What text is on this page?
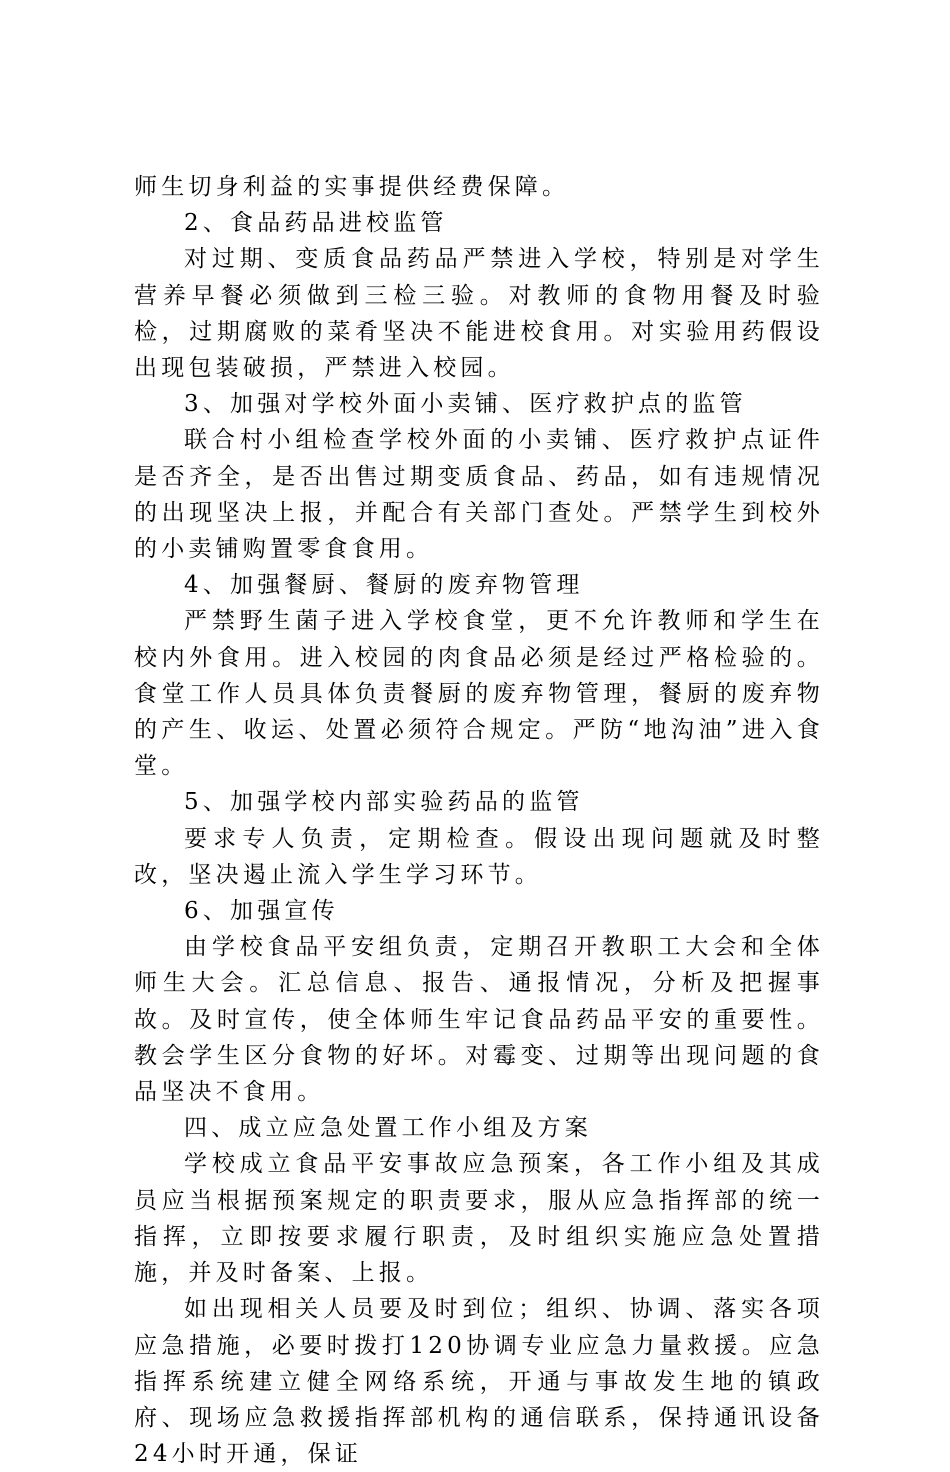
师生切身利益的实事提供经费保障。

2、食品药品进校监管

对过期、变质食品药品严禁进入学校，特别是对学生营养早餐必须做到三检三验。对教师的食物用餐及时验检，过期腐败的菜肴坚决不能进校食用。对实验用药假设出现包装破损，严禁进入校园。

3、加强对学校外面小卖铺、医疗救护点的监管

联合村小组检查学校外面的小卖铺、医疗救护点证件是否齐全，是否出售过期变质食品、药品，如有违规情况的出现坚决上报，并配合有关部门查处。严禁学生到校外的小卖铺购置零食食用。

4、加强餐厨、餐厨的废弃物管理

严禁野生菌子进入学校食堂，更不允许教师和学生在校内外食用。进入校园的肉食品必须是经过严格检验的。食堂工作人员具体负责餐厨的废弃物管理，餐厨的废弃物的产生、收运、处置必须符合规定。严防“地沟油”进入食堂。

5、加强学校内部实验药品的监管

要求专人负责，定期检查。假设出现问题就及时整改，坚决遏止流入学生学习环节。

6、加强宣传

由学校食品平安组负责，定期召开教职工大会和全体师生大会。汇总信息、报告、通报情况，分析及把握事故。及时宣传，使全体师生牢记食品药品平安的重要性。教会学生区分食物的好坏。对霉变、过期等出现问题的食品坚决不食用。

四、成立应急处置工作小组及方案

学校成立食品平安事故应急预案，各工作小组及其成员应当根据预案规定的职责要求，服从应急指挥部的统一指挥，立即按要求履行职责，及时组织实施应急处置措施，并及时备案、上报。

如出现相关人员要及时到位；组织、协调、落实各项应急措施，必要时拨打120协调专业应急力量救援。应急指挥系统建立健全网络系统，开通与事故发生地的镇政府、现场应急救援指挥部机构的通信联系，保持通讯设备24小时开通，保证
